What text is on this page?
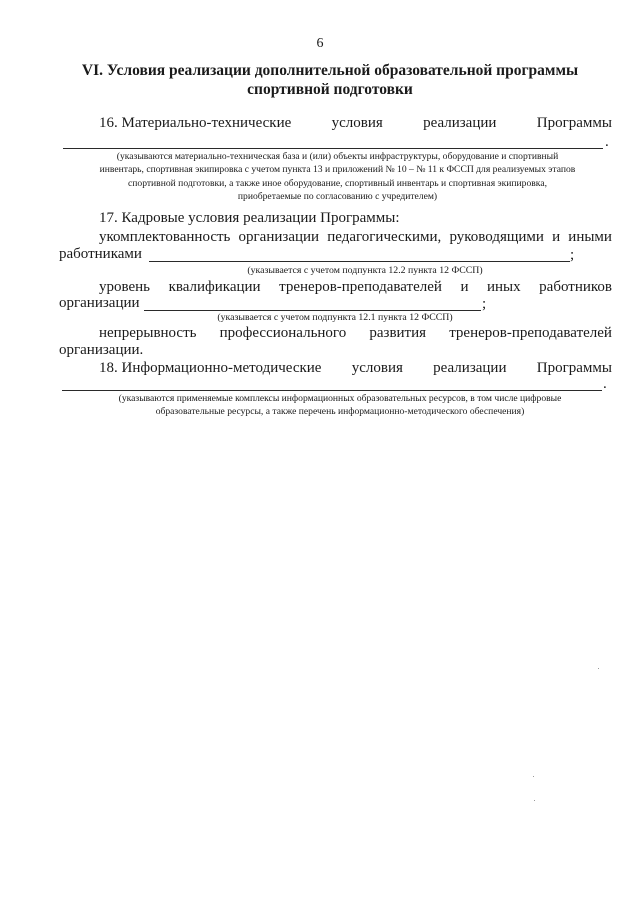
6
VI. Условия реализации дополнительной образовательной программы
спортивной подготовки
16. Материально-технические	условия	реализации	Программы
.
(указываются материально-техническая база и (или) объекты инфраструктуры, оборудование и спортивный
инвентарь, спортивная экипировка с учетом пункта 13 и приложений № 10 – № 11 к ФССП для реализуемых этапов
спортивной подготовки, а также иное оборудование, спортивный инвентарь и спортивная экипировка,
приобретаемые по согласованию с учредителем)
17. Кадровые условия реализации Программы:
укомплектованность организации педагогическими, руководящими и иными
работниками	;
(указывается с учетом подпункта 12.2 пункта 12 ФССП)
уровень квалификации тренеров-преподавателей и иных работников
организации	;
(указывается с учетом подпункта 12.1 пункта 12 ФССП)
непрерывность профессионального развития тренеров-преподавателей
организации.
18. Информационно-методические условия реализации Программы
.
(указываются применяемые комплексы информационных образовательных ресурсов, в том числе цифровые
образовательные ресурсы, а также перечень информационно-методического обеспечения)
